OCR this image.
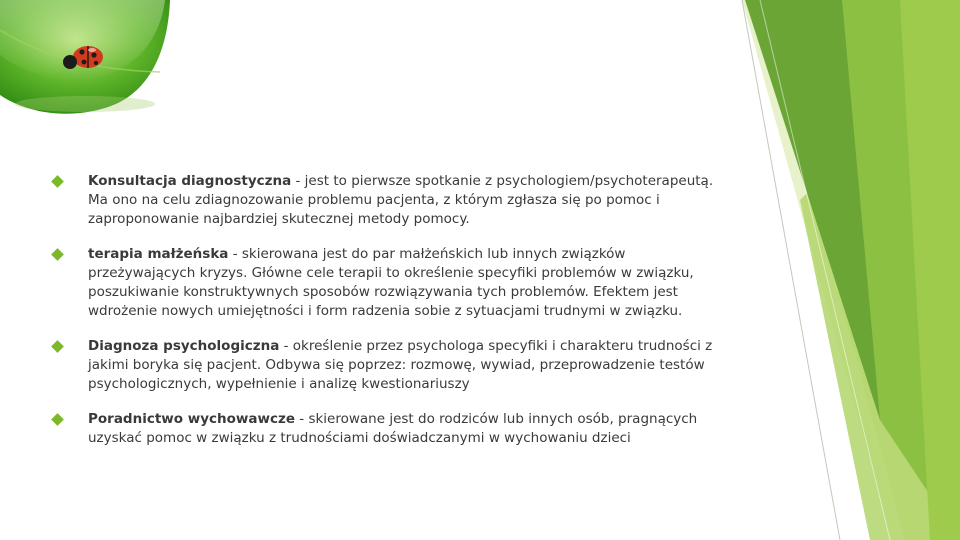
Konsultacja diagnostyczna - jest to pierwsze spotkanie z psychologiem/psychoterapeutą. Ma ono na celu zdiagnozowanie problemu pacjenta, z którym zgłasza się po pomoc i zaproponowanie najbardziej skutecznej metody pomocy.
terapia małżeńska - skierowana jest do par małżeńskich lub innych związków przeżywających kryzys. Główne cele terapii to określenie specyfiki problemów w związku, poszukiwanie konstruktywnych sposobów rozwiązywania tych problemów. Efektem jest wdrożenie nowych umiejętności i form radzenia sobie z sytuacjami trudnymi w związku.
Diagnoza psychologiczna - określenie przez psychologa specyfiki i charakteru trudności z jakimi boryka się pacjent. Odbywa się poprzez: rozmowę, wywiad, przeprowadzenie testów psychologicznych, wypełnienie i analizę kwestionariuszy
Poradnictwo wychowawcze - skierowane jest do rodziców lub innych osób, pragnących uzyskać pomoc w związku z trudnościami doświadczanymi w wychowaniu dzieci
